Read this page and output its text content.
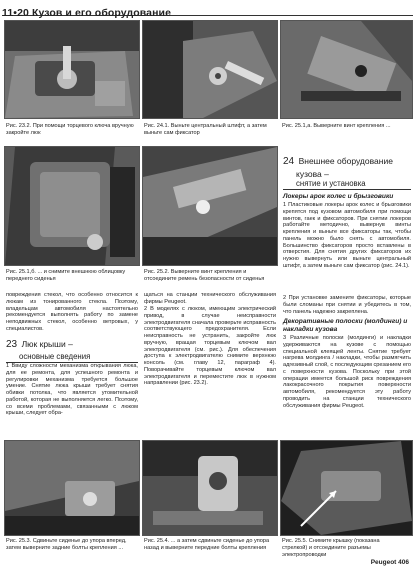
11•20 Кузов и его оборудование
Рис. 23.2. При помощи торцевого ключа вручную закройте люк
Рис. 24.1. Выньте центральный штифт, а затем выньте сам фиксатор
Рис. 25.1,а. Выверните винт крепления ...
Рис. 25.1,б. ... и снимите внешнюю облицовку переднего сиденья
Рис. 25.2. Выверните винт крепления и отсоедините ремень безопасности от сиденья
повреждения стекол, что особенно относится к люкам из тонированного стекла. Поэтому, владельцам автомобиля настоятельно рекомендуется выполнять работу по замене неподвижных стекол, особенно ветровых, у специалистов.
23 Люк крыши –
основные сведения
1 Ввиду сложности механизма открывания люка, для ее ремонта, для успешного ремонта и регулировки механизма требуется большое умение. Снятие люка крыши требует снятия обивки потолка, что является утомительной работой, которая не выполняется легко. Поэтому, со всеми проблемами, связанными с люком крыши, следует обра-
щаться на станции технического обслуживания фирмы Peugeot.
2 В моделях с люком, имеющим электрический привод, в случае неисправности электродвигателя сначала проверьте исправность соответствующего предохранителя. Если неисправность не устранить, закройте люк вручную, вращая торцевым ключом вал электродвигателя (см. рис.). Для обеспечения доступа к электродвигателю снимите верхнюю консоль (см. главу 12, параграф 4). Поворачивайте торцевым ключом вал электродвигателя и переместите люк в нужном направлении (рис. 23.2).
24 Внешнее оборудование
кузова –
снятие и установка
Локеры арок колес и брызговики
1 Пластиковые локеры арок колес и брызговики крепятся под кузовом автомобиля при помощи винтов, гаек и фиксаторов. При снятии локеров работайте методично, вывернув винты крепления и выньте все фиксаторы так, чтобы панель можно было снять с автомобиля. Большинство фиксаторов просто вставлены в отверстия. Для снятия других фиксаторов их нужно вывернуть или выньте центральный штифт, а затем выньте сам фиксатор (рис. 24.1).
2 При установке замените фиксаторы, которые были сломаны при снятии и убедитесь в том, что панель надежно закреплена.
Декоративные полоски (молдинги) и накладки кузова
3 Различные полоски (молдинги) и накладки удерживаются на кузове с помощью специальной клеящей ленты. Снятие требует нагрева молдинга / накладки, чтобы размягчить адгезивный слой, с последующим срезанием его с поверхности кузова. Поскольку при этой операции имеется большой риск повреждения лакокрасочного покрытия поверхности автомобиля, рекомендуется эту работу проводить на станции технического обслуживания фирмы Peugeot.
Рис. 25.3. Сдвиньте сиденье до упора вперед, затем выверните задние болты крепления ...
Рис. 25.4. ... а затем сдвиньте сиденье до упора назад и выверните передние болты крепления
Рис. 25.5. Снимите крышку (показана стрелкой) и отсоедините разъемы электропроводки
Peugeot 406
